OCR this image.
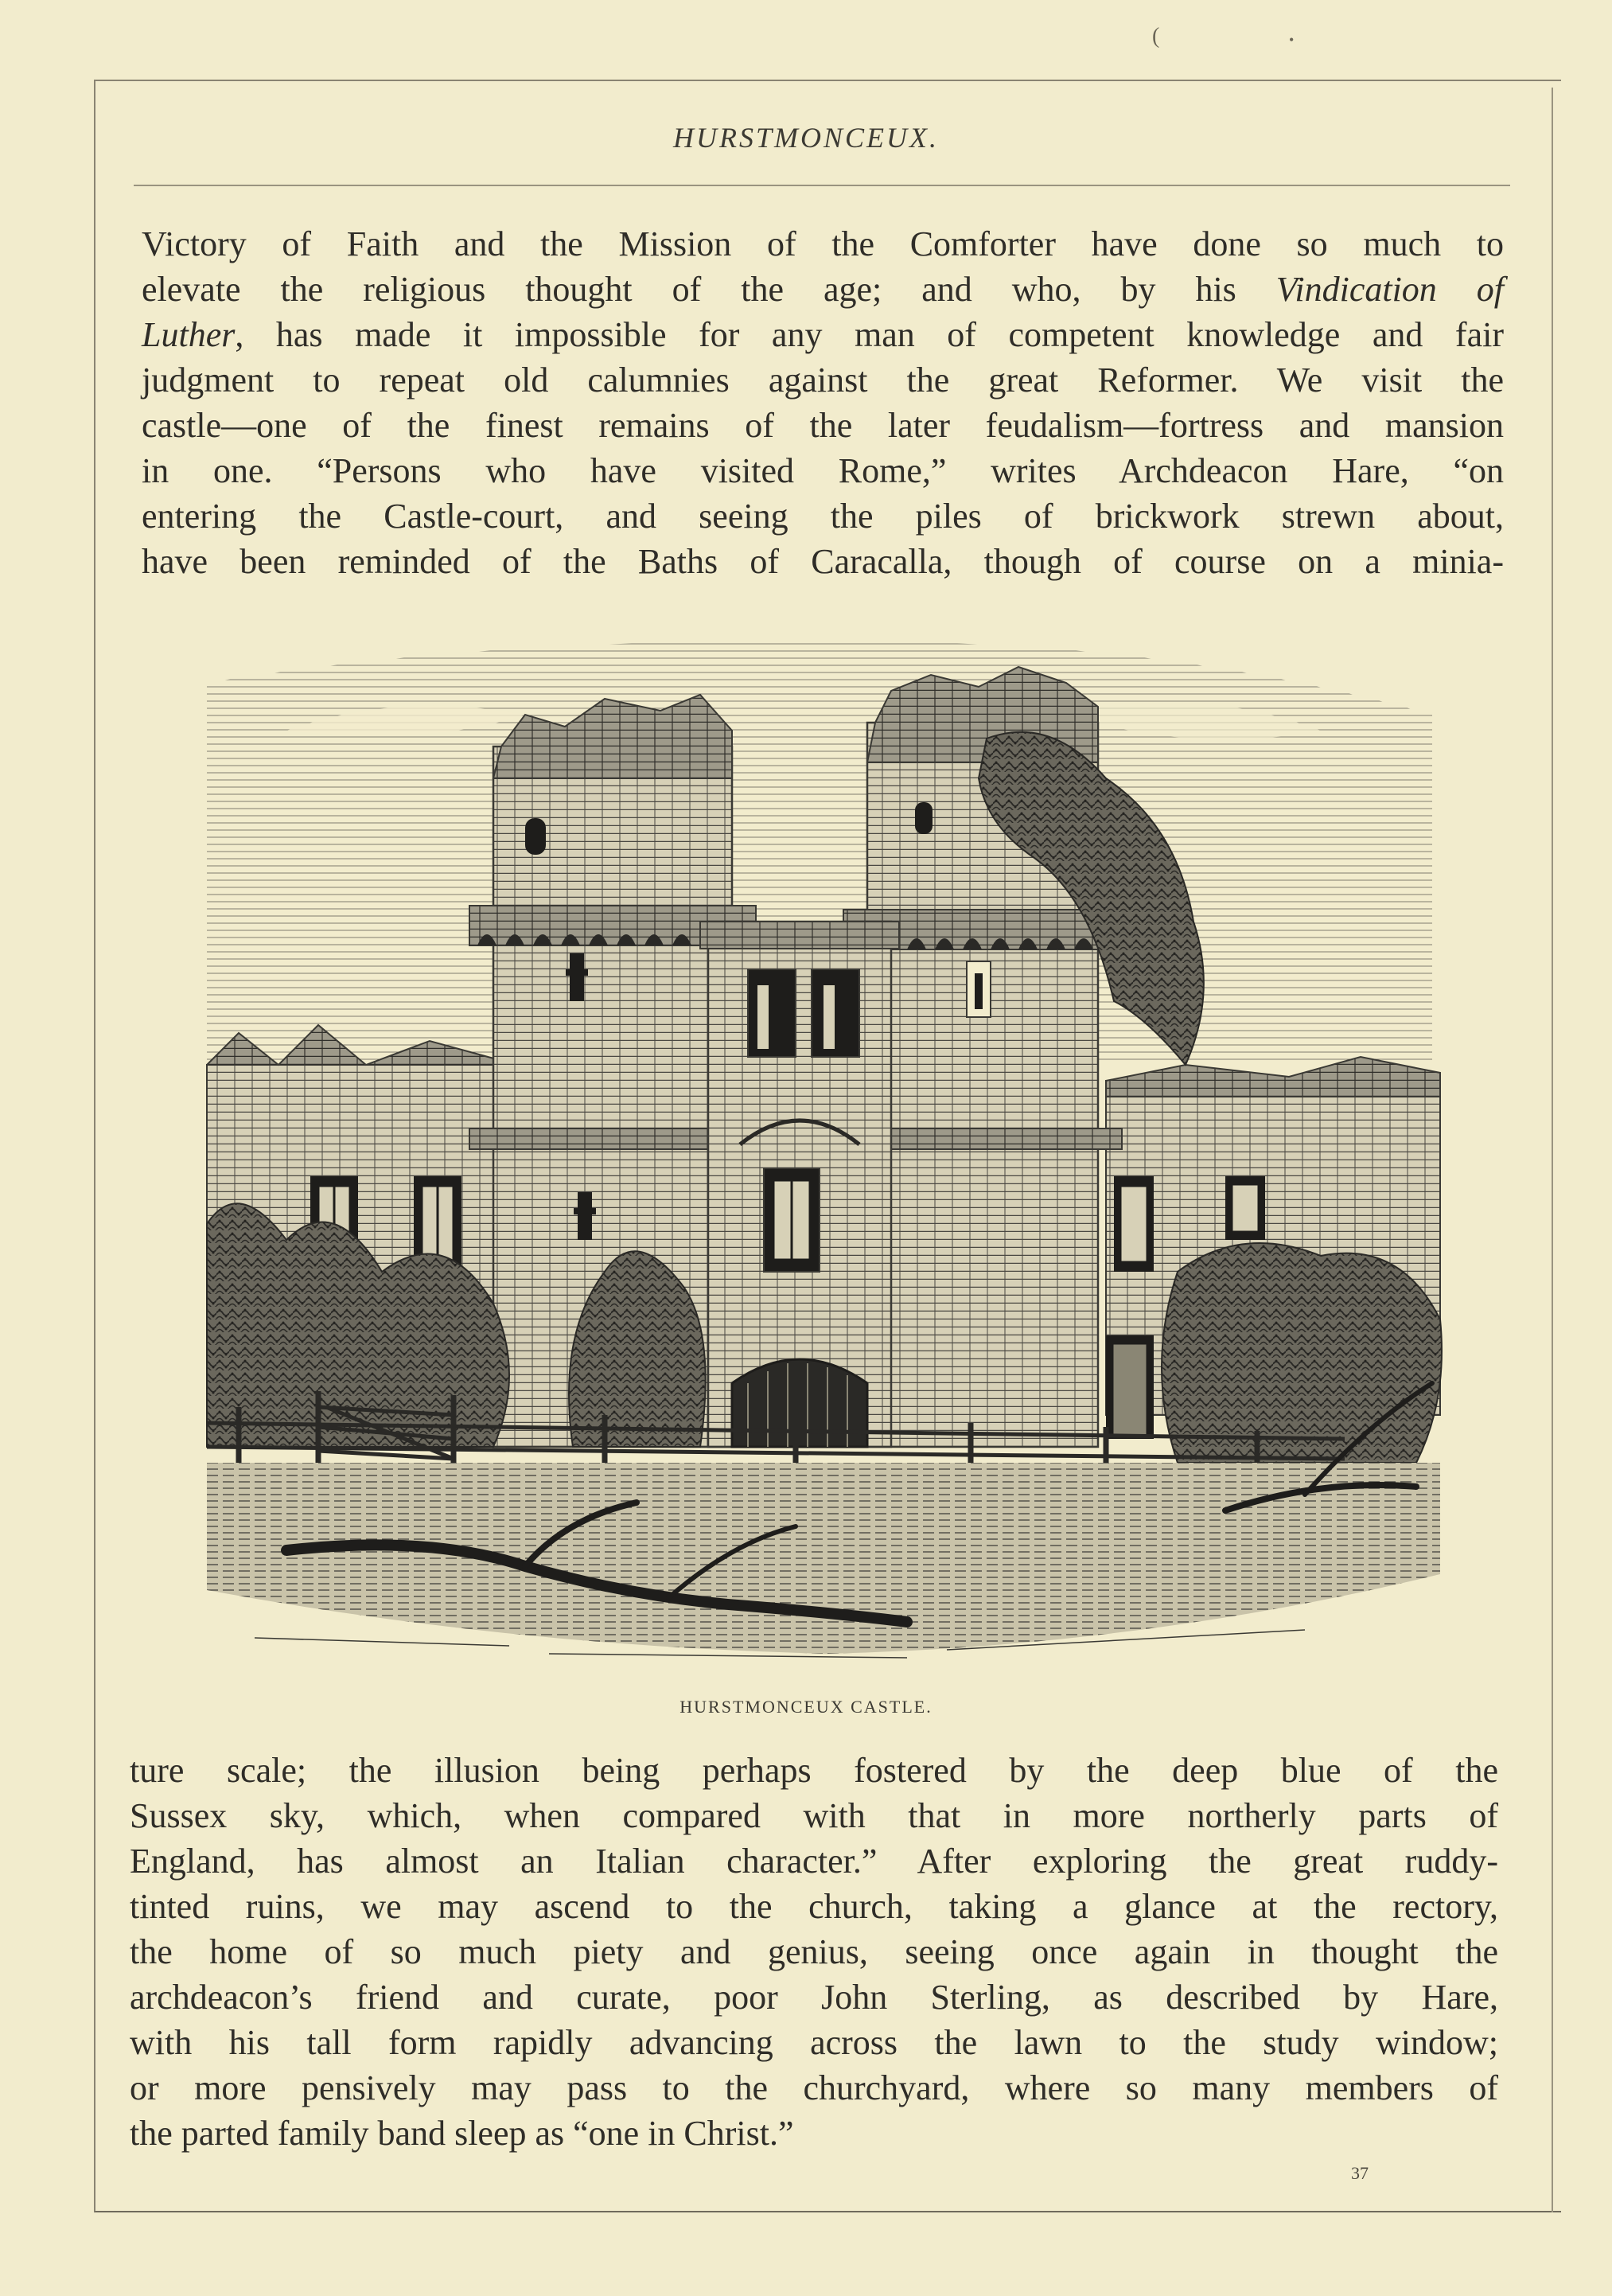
(	•
HURSTMONCEUX.
Victory of Faith and the Mission of the Comforter have done so much to
elevate the religious thought of the age; and who, by his Vindication of
Luther, has made it impossible for any man of competent knowledge and fair
judgment to repeat old calumnies against the great Reformer. We visit the
castle—one of the finest remains of the later feudalism—fortress and mansion
in one. “Persons who have visited Rome,” writes Archdeacon Hare, “on
entering the Castle-court, and seeing the piles of brickwork strewn about,
have been reminded of the Baths of Caracalla, though of course on a minia-
HURSTMONCEUX CASTLE.
ture scale; the illusion being perhaps fostered by the deep blue of the
Sussex sky, which, when compared with that in more northerly parts of
England, has almost an Italian character.” After exploring the great ruddy-
tinted ruins, we may ascend to the church, taking a glance at the rectory,
the home of so much piety and genius, seeing once again in thought the
archdeacon’s friend and curate, poor John Sterling, as described by Hare,
with his tall form rapidly advancing across the lawn to the study window;
or more pensively may pass to the churchyard, where so many members of
the parted family band sleep as “one in Christ.”
37
